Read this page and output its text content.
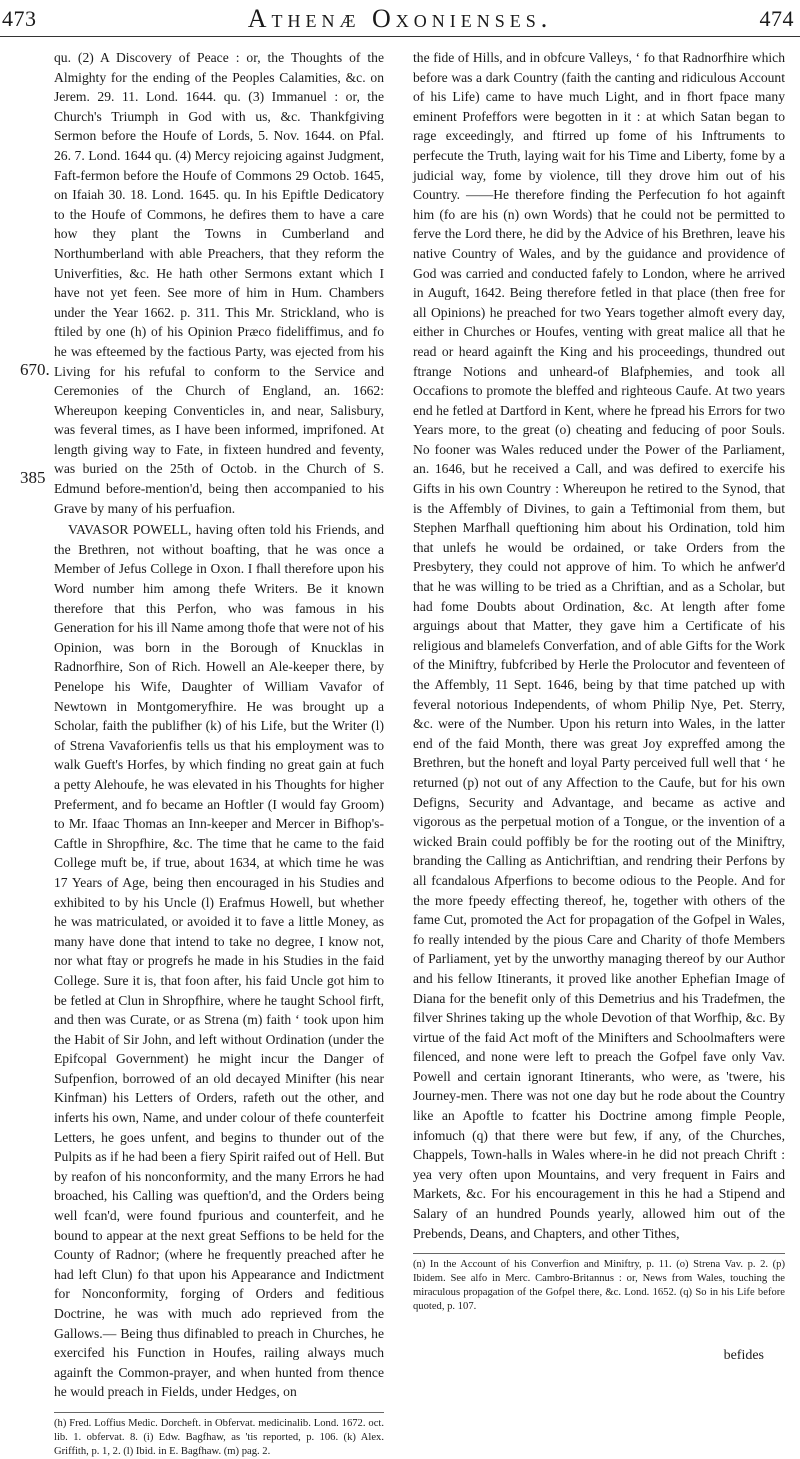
473	Athenæ Oxonienses.	474
670.
385

qu. (2) A Discovery of Peace : or, the Thoughts of the Almighty for the ending of the Peoples Calamities, &c. on Jerem. 29. 11. Lond. 1644. qu. (3) Immanuel : or, the Church's Triumph in God with us, &c. Thankfgiving Sermon before the Houfe of Lords, 5. Nov. 1644. on Pfal. 26. 7. Lond. 1644 qu. (4) Mercy rejoicing against Judgment, Faft-fermon before the Houfe of Commons 29 Octob. 1645, on Ifaiah 30. 18. Lond. 1645. qu. In his Epiftle Dedicatory to the Houfe of Commons, he defires them to have a care how they plant the Towns in Cumberland and Northumberland with able Preachers, that they reform the Univerfities, &c. He hath other Sermons extant which I have not yet feen. See more of him in Hum. Chambers under the Year 1662. p. 311. This Mr. Strickland, who is ftiled by one (h) of his Opinion Præco fideliffimus, and fo he was efteemed by the factious Party, was ejected from his Living for his refufal to conform to the Service and Ceremonies of the Church of England, an. 1662: Whereupon keeping Conventicles in, and near, Salisbury, was feveral times, as I have been informed, imprifoned. At length giving way to Fate, in fixteen hundred and feventy, was buried on the 25th of Octob. in the Church of S. Edmund before-mention'd, being then accompanied to his Grave by many of his perfuafion.

VAVASOR POWELL, having often told his Friends, and the Brethren, not without boafting, that he was once a Member of Jefus College in Oxon. I fhall therefore upon his Word number him among thefe Writers. Be it known therefore that this Perfon, who was famous in his Generation for his ill Name among thofe that were not of his Opinion, was born in the Borough of Knucklas in Radnorfhire, Son of Rich. Howell an Ale-keeper there, by Penelope his Wife, Daughter of William Vavafor of Newtown in Montgomeryfhire. He was brought up a Scholar, faith the publifher (k) of his Life, but the Writer (l) of Strena Vavaforienfis tells us that his employment was to walk Gueft's Horfes, by which finding no great gain at fuch a petty Alehoufe, he was elevated in his Thoughts for higher Preferment, and fo became an Hoftler (I would fay Groom) to Mr. Ifaac Thomas an Inn-keeper and Mercer in Bifhop's-Caftle in Shropfhire, &c. The time that he came to the faid College muft be, if true, about 1634, at which time he was 17 Years of Age, being then encouraged in his Studies and exhibited to by his Uncle (l) Erafmus Howell, but whether he was matriculated, or avoided it to fave a little Money, as many have done that intend to take no degree, I know not, nor what ftay or progrefs he made in his Studies in the faid College. Sure it is, that foon after, his faid Uncle got him to be fetled at Clun in Shropfhire, where he taught School firft, and then was Curate, or as Strena (m) faith ‘ took upon him the Habit of Sir John, and left without Ordination (under the Epifcopal Government) he might incur the Danger of Sufpenfion, borrowed of an old decayed Minifter (his near Kinfman) his Letters of Orders, rafeth out the other, and inferts his own, Name, and under colour of thefe counterfeit Letters, he goes unfent, and begins to thunder out of the Pulpits as if he had been a fiery Spirit raifed out of Hell. But by reafon of his nonconformity, and the many Errors he had broached, his Calling was queftion'd, and the Orders being well fcan'd, were found fpurious and counterfeit, and he bound to appear at the next great Seffions to be held for the County of Radnor; (where he frequently preached after he had left Clun) fo that upon his Appearance and Indictment for Nonconformity, forging of Orders and feditious Doctrine, he was with much ado reprieved from the Gallows.— Being thus difinabled to preach in Churches, he exercifed his Function in Houfes, railing always much againft the Common-prayer, and when hunted from thence he would preach in Fields, under Hedges, on

(h) Fred. Loffius Medic. Dorcheft. in Obfervat. medicinalib. Lond. 1672. oct. lib. 1. obfervat. 8. (i) Edw. Bagfhaw, as 'tis reported, p. 106. (k) Alex. Griffith, p. 1, 2. (l) Ibid. in E. Bagfhaw. (m) pag. 2.

the fide of Hills, and in obfcure Valleys, ‘ fo that Radnorfhire which before was a dark Country (faith the canting and ridiculous Account of his Life) came to have much Light, and in fhort fpace many eminent Profeffors were begotten in it : at which Satan began to rage exceedingly, and ftirred up fome of his Inftruments to perfecute the Truth, laying wait for his Time and Liberty, fome by a judicial way, fome by violence, till they drove him out of his Country. ——He therefore finding the Perfecution fo hot againft him (fo are his (n) own Words) that he could not be permitted to ferve the Lord there, he did by the Advice of his Brethren, leave his native Country of Wales, and by the guidance and providence of God was carried and conducted fafely to London, where he arrived in Auguft, 1642. Being therefore fetled in that place (then free for all Opinions) he preached for two Years together almoft every day, either in Churches or Houfes, venting with great malice all that he read or heard againft the King and his proceedings, thundred out ftrange Notions and unheard-of Blafphemies, and took all Occafions to promote the bleffed and righteous Caufe. At two years end he fetled at Dartford in Kent, where he fpread his Errors for two Years more, to the great (o) cheating and feducing of poor Souls. No fooner was Wales reduced under the Power of the Parliament, an. 1646, but he received a Call, and was defired to exercife his Gifts in his own Country : Whereupon he retired to the Synod, that is the Affembly of Divines, to gain a Teftimonial from them, but Stephen Marfhall queftioning him about his Ordination, told him that unlefs he would be ordained, or take Orders from the Presbytery, they could not approve of him. To which he anfwer'd that he was willing to be tried as a Chriftian, and as a Scholar, but had fome Doubts about Ordination, &c. At length after fome arguings about that Matter, they gave him a Certificate of his religious and blamelefs Converfation, and of able Gifts for the Work of the Miniftry, fubfcribed by Herle the Prolocutor and feventeen of the Affembly, 11 Sept. 1646, being by that time patched up with feveral notorious Independents, of whom Philip Nye, Pet. Sterry, &c. were of the Number. Upon his return into Wales, in the latter end of the faid Month, there was great Joy expreffed among the Brethren, but the honeft and loyal Party perceived full well that ‘ he returned (p) not out of any Affection to the Caufe, but for his own Defigns, Security and Advantage, and became as active and vigorous as the perpetual motion of a Tongue, or the invention of a wicked Brain could poffibly be for the rooting out of the Miniftry, branding the Calling as Antichriftian, and rendring their Perfons by all fcandalous Afperfions to become odious to the People. And for the more fpeedy effecting thereof, he, together with others of the fame Cut, promoted the Act for propagation of the Gofpel in Wales, fo really intended by the pious Care and Charity of thofe Members of Parliament, yet by the unworthy managing thereof by our Author and his fellow Itinerants, it proved like another Ephefian Image of Diana for the benefit only of this Demetrius and his Tradefmen, the filver Shrines taking up the whole Devotion of that Worfhip, &c. By virtue of the faid Act moft of the Minifters and Schoolmafters were filenced, and none were left to preach the Gofpel fave only Vav. Powell and certain ignorant Itinerants, who were, as 'twere, his Journey-men. There was not one day but he rode about the Country like an Apoftle to fcatter his Doctrine among fimple People, infomuch (q) that there were but few, if any, of the Churches, Chappels, Town-halls in Wales where-in he did not preach Chrift : yea very often upon Mountains, and very frequent in Fairs and Markets, &c. For his encouragement in this he had a Stipend and Salary of an hundred Pounds yearly, allowed him out of the Prebends, Deans, and Chapters, and other Tithes,

(n) In the Account of his Converfion and Miniftry, p. 11. (o) Strena Vav. p. 2. (p) Ibidem. See alfo in Merc. Cambro-Britannus : or, News from Wales, touching the miraculous propagation of the Gofpel there, &c. Lond. 1652. (q) So in his Life before quoted, p. 107.

befides
